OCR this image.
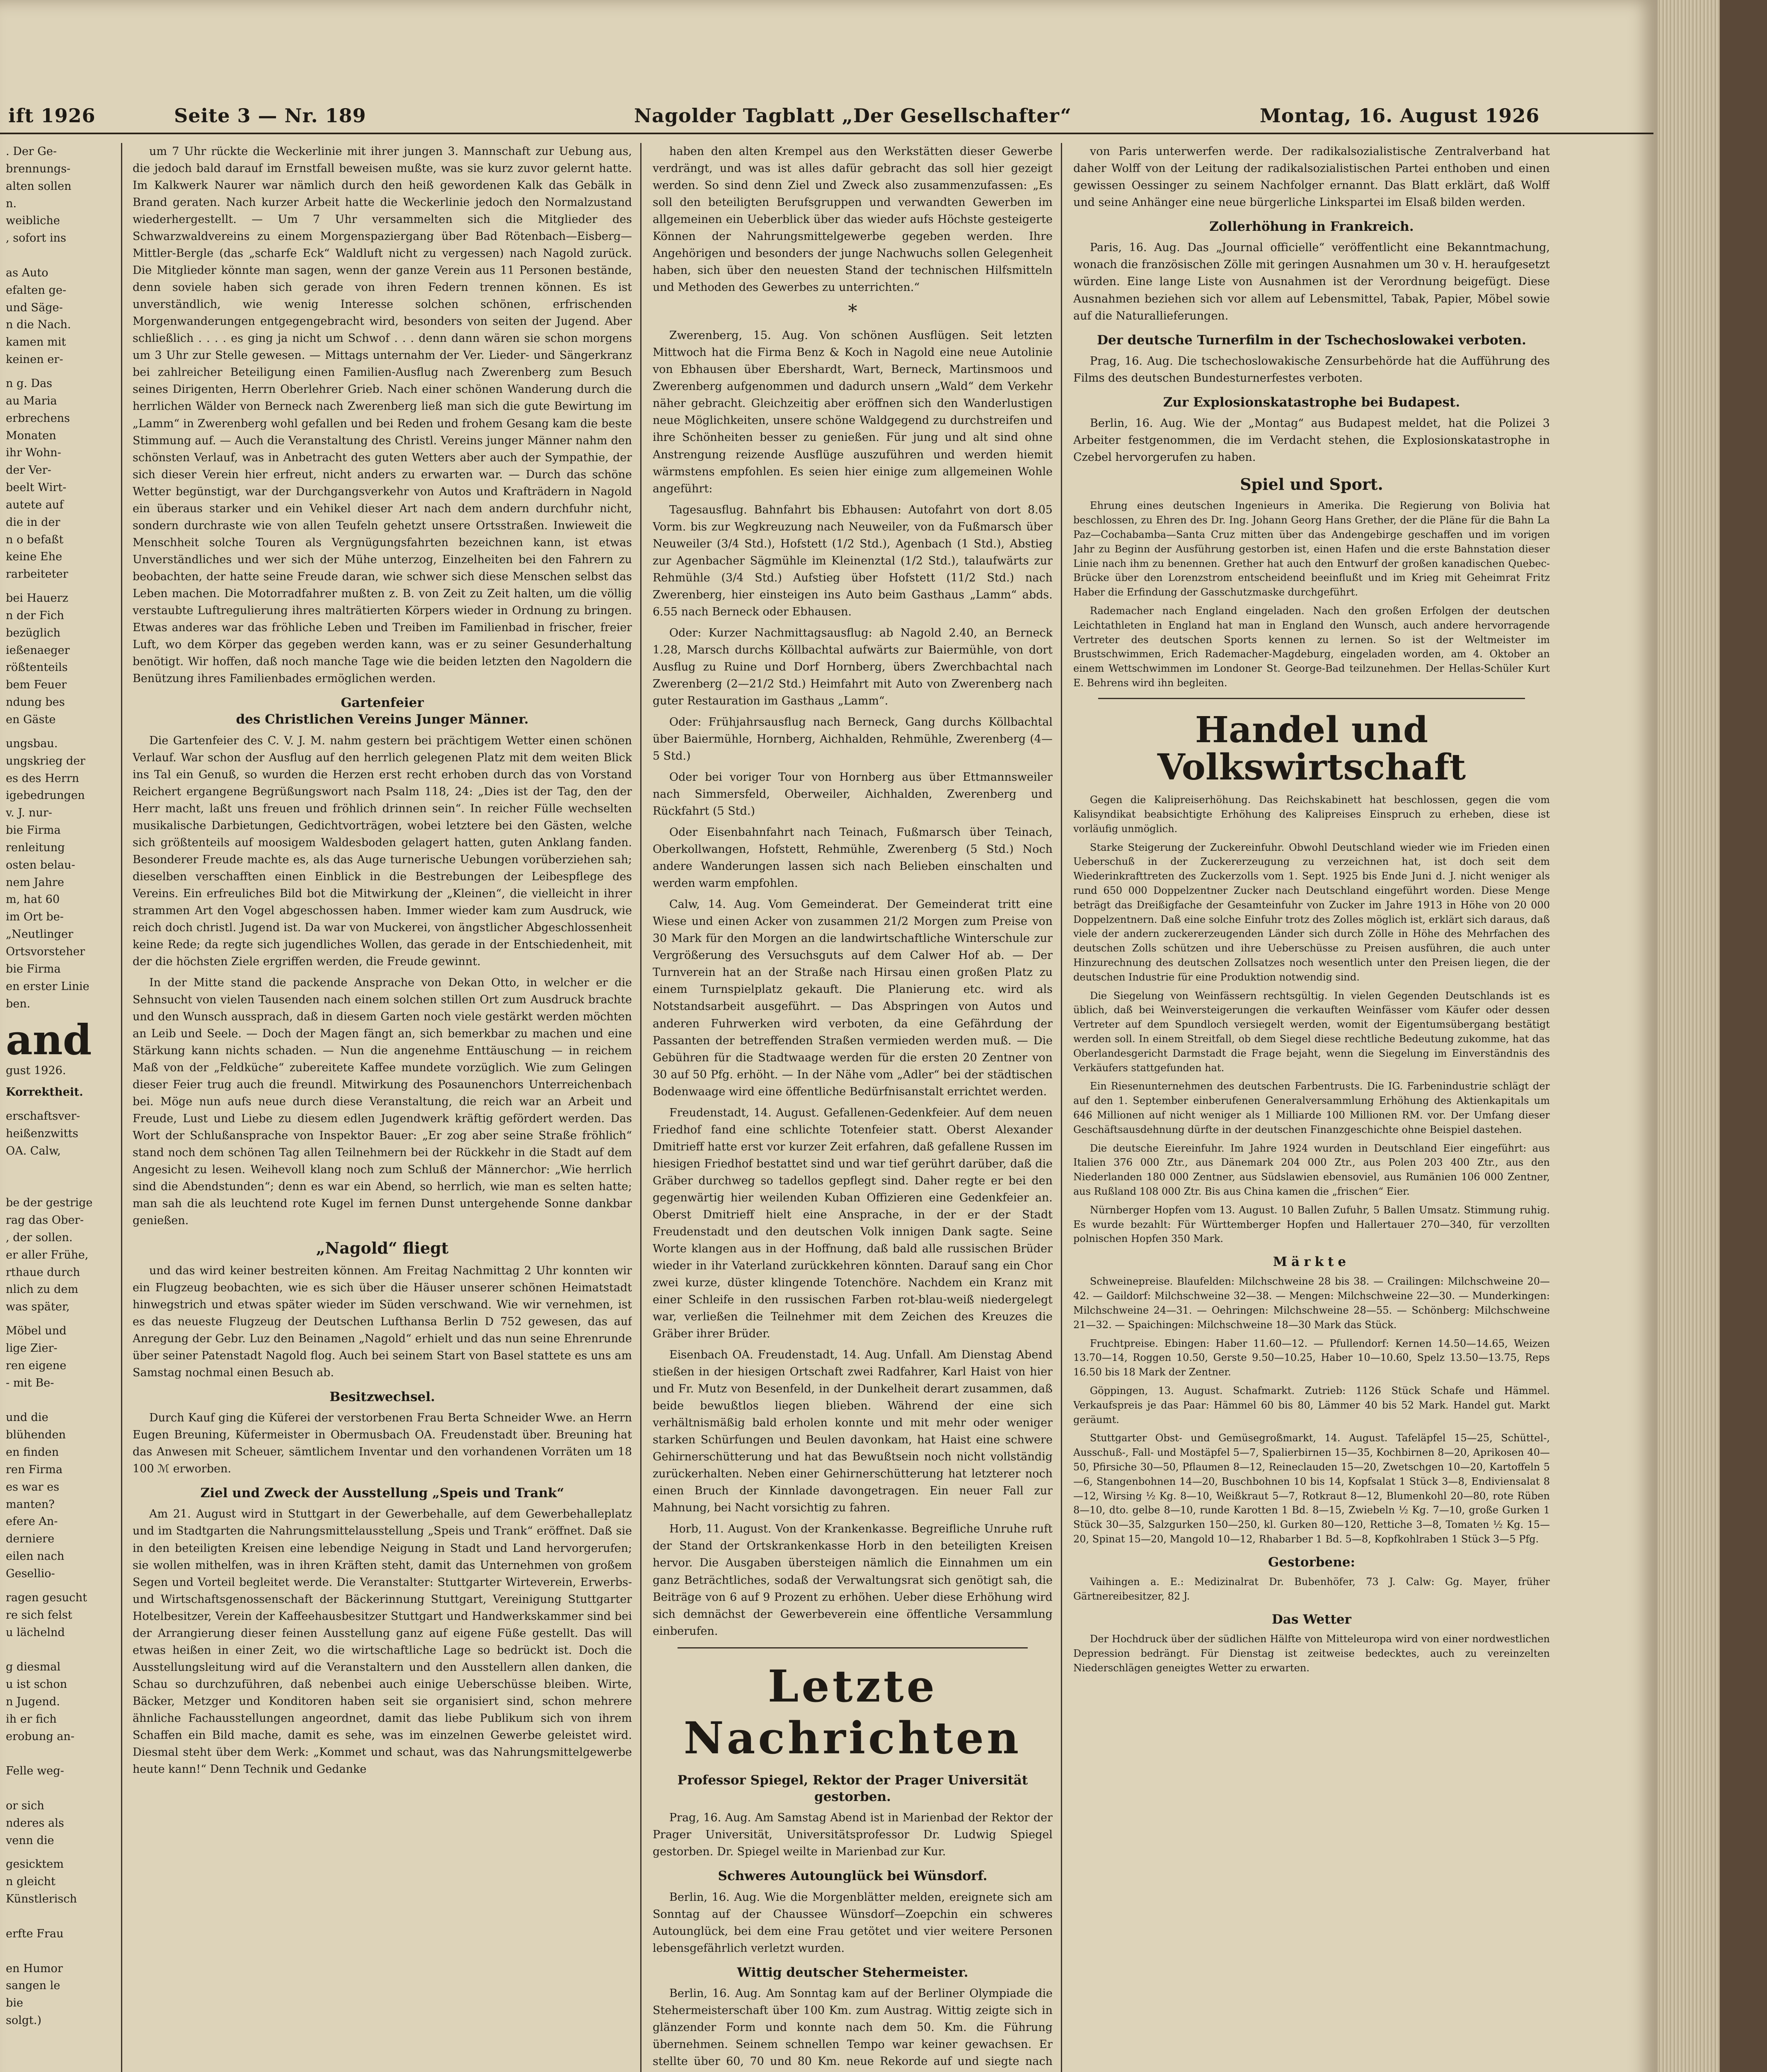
ift 1926	Seite 3 — Nr. 189	Nagolder Tagblatt „Der Gesellschafter“	Montag, 16. August 1926

. Der Ge-
brennungs-
alten sollen
n.
weibliche
, sofort ins

as Auto
efalten ge-
und Säge-
n die Nach.
kamen mit
keinen er-

n g. Das
au Maria
erbrechens
Monaten
ihr Wohn-
der Ver-
beelt Wirt-
autete auf
die in der
n o befaßt
keine Ehe
rarbeiteter

bei Hauerz
n der Fich
bezüglich
ießenaeger
rößtenteils
bem Feuer
ndung bes
en Gäste

ungsbau.
ungskrieg der
es des Herrn
igebedrungen
v. J. nur-
bie Firma
renleitung
osten belau-
nem Jahre
m, hat 60
im Ort be-
„Neutlinger
Ortsvorsteher
bie Firma
en erster Linie
ben.

and

gust 1926.

Korrektheit.

erschaftsver-
heißenzwitts
OA. Calw,

be der gestrige
rag das Ober-
, der sollen.
er aller Frühe,
rthaue durch
nlich zu dem
was später,

Möbel und
lige Zier-
ren eigene
- mit Be-

und die
blühenden
en finden
ren Firma
es war es
manten?
efere An-
derniere
eilen nach
Gesellio-

ragen gesucht
re sich felst
u lächelnd

g diesmal
u ist schon
n Jugend.
ih er fich
erobung an-

Felle weg-

or sich
nderes als
venn die

gesicktem
n gleicht
Künstlerisch

erfte Frau

en Humor
sangen le
bie
solgt.)

um 7 Uhr rückte die Weckerlinie mit ihrer jungen 3. Mannschaft zur Uebung aus, die jedoch bald darauf im Ernstfall beweisen mußte, was sie kurz zuvor gelernt hatte. Im Kalkwerk Naurer war nämlich durch den heiß gewordenen Kalk das Gebälk in Brand geraten. Nach kurzer Arbeit hatte die Weckerlinie jedoch den Normalzustand wiederhergestellt. — Um 7 Uhr versammelten sich die Mitglieder des Schwarzwaldvereins zu einem Morgenspaziergang über Bad Rötenbach—Eisberg—Mittler-Bergle (das „scharfe Eck“ Waldluft nicht zu vergessen) nach Nagold zurück. Die Mitglieder könnte man sagen, wenn der ganze Verein aus 11 Personen bestände, denn soviele haben sich gerade von ihren Federn trennen können. Es ist unverständlich, wie wenig Interesse solchen schönen, erfrischenden Morgenwanderungen entgegengebracht wird, besonders von seiten der Jugend. Aber schließlich . . . . es ging ja nicht um Schwof . . . denn dann wären sie schon morgens um 3 Uhr zur Stelle gewesen. — Mittags unternahm der Ver. Lieder- und Sängerkranz bei zahlreicher Beteiligung einen Familien-Ausflug nach Zwerenberg zum Besuch seines Dirigenten, Herrn Oberlehrer Grieb. Nach einer schönen Wanderung durch die herrlichen Wälder von Berneck nach Zwerenberg ließ man sich die gute Bewirtung im „Lamm“ in Zwerenberg wohl gefallen und bei Reden und frohem Gesang kam die beste Stimmung auf. — Auch die Veranstaltung des Christl. Vereins junger Männer nahm den schönsten Verlauf, was in Anbetracht des guten Wetters aber auch der Sympathie, der sich dieser Verein hier erfreut, nicht anders zu erwarten war. — Durch das schöne Wetter begünstigt, war der Durchgangsverkehr von Autos und Krafträdern in Nagold ein überaus starker und ein Vehikel dieser Art nach dem andern durchfuhr nicht, sondern durchraste wie von allen Teufeln gehetzt unsere Ortsstraßen. Inwieweit die Menschheit solche Touren als Vergnügungsfahrten bezeichnen kann, ist etwas Unverständliches und wer sich der Mühe unterzog, Einzelheiten bei den Fahrern zu beobachten, der hatte seine Freude daran, wie schwer sich diese Menschen selbst das Leben machen. Die Motorradfahrer mußten z. B. von Zeit zu Zeit halten, um die völlig verstaubte Luftregulierung ihres malträtierten Körpers wieder in Ordnung zu bringen. Etwas anderes war das fröhliche Leben und Treiben im Familienbad in frischer, freier Luft, wo dem Körper das gegeben werden kann, was er zu seiner Gesunderhaltung benötigt. Wir hoffen, daß noch manche Tage wie die beiden letzten den Nagoldern die Benützung ihres Familienbades ermöglichen werden.

Gartenfeier
des Christlichen Vereins Junger Männer.

Die Gartenfeier des C. V. J. M. nahm gestern bei prächtigem Wetter einen schönen Verlauf. War schon der Ausflug auf den herrlich gelegenen Platz mit dem weiten Blick ins Tal ein Genuß, so wurden die Herzen erst recht erhoben durch das von Vorstand Reichert ergangene Begrüßungswort nach Psalm 118, 24: „Dies ist der Tag, den der Herr macht, laßt uns freuen und fröhlich drinnen sein“. In reicher Fülle wechselten musikalische Darbietungen, Gedichtvorträgen, wobei letztere bei den Gästen, welche sich größtenteils auf moosigem Waldesboden gelagert hatten, guten Anklang fanden. Besonderer Freude machte es, als das Auge turnerische Uebungen vorüberziehen sah; dieselben verschafften einen Einblick in die Bestrebungen der Leibespflege des Vereins. Ein erfreuliches Bild bot die Mitwirkung der „Kleinen“, die vielleicht in ihrer strammen Art den Vogel abgeschossen haben. Immer wieder kam zum Ausdruck, wie reich doch christl. Jugend ist. Da war von Muckerei, von ängstlicher Abgeschlossenheit keine Rede; da regte sich jugendliches Wollen, das gerade in der Entschiedenheit, mit der die höchsten Ziele ergriffen werden, die Freude gewinnt.

In der Mitte stand die packende Ansprache von Dekan Otto, in welcher er die Sehnsucht von vielen Tausenden nach einem solchen stillen Ort zum Ausdruck brachte und den Wunsch aussprach, daß in diesem Garten noch viele gestärkt werden möchten an Leib und Seele. — Doch der Magen fängt an, sich bemerkbar zu machen und eine Stärkung kann nichts schaden. — Nun die angenehme Enttäuschung — in reichem Maß von der „Feldküche“ zubereitete Kaffee mundete vorzüglich. Wie zum Gelingen dieser Feier trug auch die freundl. Mitwirkung des Posaunenchors Unterreichenbach bei. Möge nun aufs neue durch diese Veranstaltung, die reich war an Arbeit und Freude, Lust und Liebe zu diesem edlen Jugendwerk kräftig gefördert werden. Das Wort der Schlußansprache von Inspektor Bauer: „Er zog aber seine Straße fröhlich“ stand noch dem schönen Tag allen Teilnehmern bei der Rückkehr in die Stadt auf dem Angesicht zu lesen. Weihevoll klang noch zum Schluß der Männerchor: „Wie herrlich sind die Abendstunden“; denn es war ein Abend, so herrlich, wie man es selten hatte; man sah die als leuchtend rote Kugel im fernen Dunst untergehende Sonne dankbar genießen.

„Nagold“ fliegt

und das wird keiner bestreiten können. Am Freitag Nachmittag 2 Uhr konnten wir ein Flugzeug beobachten, wie es sich über die Häuser unserer schönen Heimatstadt hinwegstrich und etwas später wieder im Süden verschwand. Wie wir vernehmen, ist es das neueste Flugzeug der Deutschen Lufthansa Berlin D 752 gewesen, das auf Anregung der Gebr. Luz den Beinamen „Nagold“ erhielt und das nun seine Ehrenrunde über seiner Patenstadt Nagold flog. Auch bei seinem Start von Basel stattete es uns am Samstag nochmal einen Besuch ab.

Besitzwechsel.

Durch Kauf ging die Küferei der verstorbenen Frau Berta Schneider Wwe. an Herrn Eugen Breuning, Küfermeister in Obermusbach OA. Freudenstadt über. Breuning hat das Anwesen mit Scheuer, sämtlichem Inventar und den vorhandenen Vorräten um 18 100 ℳ erworben.

Ziel und Zweck der Ausstellung „Speis und Trank“

Am 21. August wird in Stuttgart in der Gewerbehalle, auf dem Gewerbehalleplatz und im Stadtgarten die Nahrungsmittelausstellung „Speis und Trank“ eröffnet. Daß sie in den beteiligten Kreisen eine lebendige Neigung in Stadt und Land hervorgerufen; sie wollen mithelfen, was in ihren Kräften steht, damit das Unternehmen von großem Segen und Vorteil begleitet werde. Die Veranstalter: Stuttgarter Wirteverein, Erwerbs- und Wirtschaftsgenossenschaft der Bäckerinnung Stuttgart, Vereinigung Stuttgarter Hotelbesitzer, Verein der Kaffeehausbesitzer Stuttgart und Handwerkskammer sind bei der Arrangierung dieser feinen Ausstellung ganz auf eigene Füße gestellt. Das will etwas heißen in einer Zeit, wo die wirtschaftliche Lage so bedrückt ist. Doch die Ausstellungsleitung wird auf die Veranstaltern und den Ausstellern allen danken, die Schau so durchzuführen, daß nebenbei auch einige Ueberschüsse bleiben. Wirte, Bäcker, Metzger und Konditoren haben seit sie organisiert sind, schon mehrere ähnliche Fachausstellungen angeordnet, damit das liebe Publikum sich von ihrem Schaffen ein Bild mache, damit es sehe, was im einzelnen Gewerbe geleistet wird. Diesmal steht über dem Werk: „Kommet und schaut, was das Nahrungsmittelgewerbe heute kann!“ Denn Technik und Gedanke

haben den alten Krempel aus den Werkstätten dieser Gewerbe verdrängt, und was ist alles dafür gebracht das soll hier gezeigt werden. So sind denn Ziel und Zweck also zusammenzufassen: „Es soll den beteiligten Berufsgruppen und verwandten Gewerben im allgemeinen ein Ueberblick über das wieder aufs Höchste gesteigerte Können der Nahrungsmittelgewerbe gegeben werden. Ihre Angehörigen und besonders der junge Nachwuchs sollen Gelegenheit haben, sich über den neuesten Stand der technischen Hilfsmitteln und Methoden des Gewerbes zu unterrichten.“

*

Zwerenberg, 15. Aug. Von schönen Ausflügen. Seit letzten Mittwoch hat die Firma Benz & Koch in Nagold eine neue Autolinie von Ebhausen über Ebershardt, Wart, Berneck, Martinsmoos und Zwerenberg aufgenommen und dadurch unsern „Wald“ dem Verkehr näher gebracht. Gleichzeitig aber eröffnen sich den Wanderlustigen neue Möglichkeiten, unsere schöne Waldgegend zu durchstreifen und ihre Schönheiten besser zu genießen. Für jung und alt sind ohne Anstrengung reizende Ausflüge auszuführen und werden hiemit wärmstens empfohlen. Es seien hier einige zum allgemeinen Wohle angeführt:

Tagesausflug. Bahnfahrt bis Ebhausen: Autofahrt von dort 8.05 Vorm. bis zur Wegkreuzung nach Neuweiler, von da Fußmarsch über Neuweiler (3/4 Std.), Hofstett (1/2 Std.), Agenbach (1 Std.), Abstieg zur Agenbacher Sägmühle im Kleinenztal (1/2 Std.), talaufwärts zur Rehmühle (3/4 Std.) Aufstieg über Hofstett (11/2 Std.) nach Zwerenberg, hier einsteigen ins Auto beim Gasthaus „Lamm“ abds. 6.55 nach Berneck oder Ebhausen.

Oder: Kurzer Nachmittagsausflug: ab Nagold 2.40, an Berneck 1.28, Marsch durchs Köllbachtal aufwärts zur Baiermühle, von dort Ausflug zu Ruine und Dorf Hornberg, übers Zwerchbachtal nach Zwerenberg (2—21/2 Std.) Heimfahrt mit Auto von Zwerenberg nach guter Restauration im Gasthaus „Lamm“.

Oder: Frühjahrsausflug nach Berneck, Gang durchs Köllbachtal über Baiermühle, Hornberg, Aichhalden, Rehmühle, Zwerenberg (4—5 Std.)

Oder bei voriger Tour von Hornberg aus über Ettmannsweiler nach Simmersfeld, Oberweiler, Aichhalden, Zwerenberg und Rückfahrt (5 Std.)

Oder Eisenbahnfahrt nach Teinach, Fußmarsch über Teinach, Oberkollwangen, Hofstett, Rehmühle, Zwerenberg (5 Std.) Noch andere Wanderungen lassen sich nach Belieben einschalten und werden warm empfohlen.

Calw, 14. Aug. Vom Gemeinderat. Der Gemeinderat tritt eine Wiese und einen Acker von zusammen 21/2 Morgen zum Preise von 30 Mark für den Morgen an die landwirtschaftliche Winterschule zur Vergrößerung des Versuchsguts auf dem Calwer Hof ab. — Der Turnverein hat an der Straße nach Hirsau einen großen Platz zu einem Turnspielplatz gekauft. Die Planierung etc. wird als Notstandsarbeit ausgeführt. — Das Abspringen von Autos und anderen Fuhrwerken wird verboten, da eine Gefährdung der Passanten der betreffenden Straßen vermieden werden muß. — Die Gebühren für die Stadtwaage werden für die ersten 20 Zentner von 30 auf 50 Pfg. erhöht. — In der Nähe vom „Adler“ bei der städtischen Bodenwaage wird eine öffentliche Bedürfnisanstalt errichtet werden.

Freudenstadt, 14. August. Gefallenen-Gedenkfeier. Auf dem neuen Friedhof fand eine schlichte Totenfeier statt. Oberst Alexander Dmitrieff hatte erst vor kurzer Zeit erfahren, daß gefallene Russen im hiesigen Friedhof bestattet sind und war tief gerührt darüber, daß die Gräber durchweg so tadellos gepflegt sind. Daher regte er bei den gegenwärtig hier weilenden Kuban Offizieren eine Gedenkfeier an. Oberst Dmitrieff hielt eine Ansprache, in der er der Stadt Freudenstadt und den deutschen Volk innigen Dank sagte. Seine Worte klangen aus in der Hoffnung, daß bald alle russischen Brüder wieder in ihr Vaterland zurückkehren könnten. Darauf sang ein Chor zwei kurze, düster klingende Totenchöre. Nachdem ein Kranz mit einer Schleife in den russischen Farben rot-blau-weiß niedergelegt war, verließen die Teilnehmer mit dem Zeichen des Kreuzes die Gräber ihrer Brüder.

Eisenbach OA. Freudenstadt, 14. Aug. Unfall. Am Dienstag Abend stießen in der hiesigen Ortschaft zwei Radfahrer, Karl Haist von hier und Fr. Mutz von Besenfeld, in der Dunkelheit derart zusammen, daß beide bewußtlos liegen blieben. Während der eine sich verhältnismäßig bald erholen konnte und mit mehr oder weniger starken Schürfungen und Beulen davonkam, hat Haist eine schwere Gehirnerschütterung und hat das Bewußtsein noch nicht vollständig zurückerhalten. Neben einer Gehirnerschütterung hat letzterer noch einen Bruch der Kinnlade davongetragen. Ein neuer Fall zur Mahnung, bei Nacht vorsichtig zu fahren.

Horb, 11. August. Von der Krankenkasse. Begreifliche Unruhe ruft der Stand der Ortskrankenkasse Horb in den beteiligten Kreisen hervor. Die Ausgaben übersteigen nämlich die Einnahmen um ein ganz Beträchtliches, sodaß der Verwaltungsrat sich genötigt sah, die Beiträge von 6 auf 9 Prozent zu erhöhen. Ueber diese Erhöhung wird sich demnächst der Gewerbeverein eine öffentliche Versammlung einberufen.

Letzte Nachrichten
Professor Spiegel, Rektor der Prager Universität gestorben.

Prag, 16. Aug. Am Samstag Abend ist in Marienbad der Rektor der Prager Universität, Universitätsprofessor Dr. Ludwig Spiegel gestorben. Dr. Spiegel weilte in Marienbad zur Kur.

Schweres Autounglück bei Wünsdorf.

Berlin, 16. Aug. Wie die Morgenblätter melden, ereignete sich am Sonntag auf der Chaussee Wünsdorf—Zoepchin ein schweres Autounglück, bei dem eine Frau getötet und vier weitere Personen lebensgefährlich verletzt wurden.

Wittig deutscher Stehermeister.

Berlin, 16. Aug. Am Sonntag kam auf der Berliner Olympiade die Stehermeisterschaft über 100 Km. zum Austrag. Wittig zeigte sich in glänzender Form und konnte nach dem 50. Km. die Führung übernehmen. Seinem schnellen Tempo war keiner gewachsen. Er stellte über 60, 70 und 80 Km. neue Rekorde auf und siegte nach

von Paris unterwerfen werde. Der radikalsozialistische Zentralverband hat daher Wolff von der Leitung der radikalsozialistischen Partei enthoben und einen gewissen Oessinger zu seinem Nachfolger ernannt. Das Blatt erklärt, daß Wolff und seine Anhänger eine neue bürgerliche Linkspartei im Elsaß bilden werden.

Zollerhöhung in Frankreich.

Paris, 16. Aug. Das „Journal officielle“ veröffentlicht eine Bekanntmachung, wonach die französischen Zölle mit geringen Ausnahmen um 30 v. H. heraufgesetzt würden. Eine lange Liste von Ausnahmen ist der Verordnung beigefügt. Diese Ausnahmen beziehen sich vor allem auf Lebensmittel, Tabak, Papier, Möbel sowie auf die Naturallieferungen.

Der deutsche Turnerfilm in der Tschechoslowakei verboten.

Prag, 16. Aug. Die tschechoslowakische Zensurbehörde hat die Aufführung des Films des deutschen Bundesturnerfestes verboten.

Zur Explosionskatastrophe bei Budapest.

Berlin, 16. Aug. Wie der „Montag“ aus Budapest meldet, hat die Polizei 3 Arbeiter festgenommen, die im Verdacht stehen, die Explosionskatastrophe in Czebel hervorgerufen zu haben.

Spiel und Sport.

Ehrung eines deutschen Ingenieurs in Amerika. Die Regierung von Bolivia hat beschlossen, zu Ehren des Dr. Ing. Johann Georg Hans Grether, der die Pläne für die Bahn La Paz—Cochabamba—Santa Cruz mitten über das Andengebirge geschaffen und im vorigen Jahr zu Beginn der Ausführung gestorben ist, einen Hafen und die erste Bahnstation dieser Linie nach ihm zu benennen. Grether hat auch den Entwurf der großen kanadischen Quebec-Brücke über den Lorenzstrom entscheidend beeinflußt und im Krieg mit Geheimrat Fritz Haber die Erfindung der Gasschutzmaske durchgeführt.

Rademacher nach England eingeladen. Nach den großen Erfolgen der deutschen Leichtathleten in England hat man in England den Wunsch, auch andere hervorragende Vertreter des deutschen Sports kennen zu lernen. So ist der Weltmeister im Brustschwimmen, Erich Rademacher-Magdeburg, eingeladen worden, am 4. Oktober an einem Wettschwimmen im Londoner St. George-Bad teilzunehmen. Der Hellas-Schüler Kurt E. Behrens wird ihn begleiten.

Handel und Volkswirtschaft

Gegen die Kalipreiserhöhung. Das Reichskabinett hat beschlossen, gegen die vom Kalisyndikat beabsichtigte Erhöhung des Kalipreises Einspruch zu erheben, diese ist vorläufig unmöglich.

Starke Steigerung der Zuckereinfuhr. Obwohl Deutschland wieder wie im Frieden einen Ueberschuß in der Zuckererzeugung zu verzeichnen hat, ist doch seit dem Wiederinkrafttreten des Zuckerzolls vom 1. Sept. 1925 bis Ende Juni d. J. nicht weniger als rund 650 000 Doppelzentner Zucker nach Deutschland eingeführt worden. Diese Menge beträgt das Dreißigfache der Gesamteinfuhr von Zucker im Jahre 1913 in Höhe von 20 000 Doppelzentnern. Daß eine solche Einfuhr trotz des Zolles möglich ist, erklärt sich daraus, daß viele der andern zuckererzeugenden Länder sich durch Zölle in Höhe des Mehrfachen des deutschen Zolls schützen und ihre Ueberschüsse zu Preisen ausführen, die auch unter Hinzurechnung des deutschen Zollsatzes noch wesentlich unter den Preisen liegen, die der deutschen Industrie für eine Produktion notwendig sind.

Die Siegelung von Weinfässern rechtsgültig. In vielen Gegenden Deutschlands ist es üblich, daß bei Weinversteigerungen die verkauften Weinfässer vom Käufer oder dessen Vertreter auf dem Spundloch versiegelt werden, womit der Eigentumsübergang bestätigt werden soll. In einem Streitfall, ob dem Siegel diese rechtliche Bedeutung zukomme, hat das Oberlandesgericht Darmstadt die Frage bejaht, wenn die Siegelung im Einverständnis des Verkäufers stattgefunden hat.

Ein Riesenunternehmen des deutschen Farbentrusts. Die IG. Farbenindustrie schlägt der auf den 1. September einberufenen Generalversammlung Erhöhung des Aktienkapitals um 646 Millionen auf nicht weniger als 1 Milliarde 100 Millionen RM. vor. Der Umfang dieser Geschäftsausdehnung dürfte in der deutschen Finanzgeschichte ohne Beispiel dastehen.

Die deutsche Eiereinfuhr. Im Jahre 1924 wurden in Deutschland Eier eingeführt: aus Italien 376 000 Ztr., aus Dänemark 204 000 Ztr., aus Polen 203 400 Ztr., aus den Niederlanden 180 000 Zentner, aus Südslawien ebensoviel, aus Rumänien 106 000 Zentner, aus Rußland 108 000 Ztr. Bis aus China kamen die „frischen“ Eier.

Nürnberger Hopfen vom 13. August. 10 Ballen Zufuhr, 5 Ballen Umsatz. Stimmung ruhig. Es wurde bezahlt: Für Württemberger Hopfen und Hallertauer 270—340, für verzollten polnischen Hopfen 350 Mark.

Märkte

Schweinepreise. Blaufelden: Milchschweine 28 bis 38. — Crailingen: Milchschweine 20—42. — Gaildorf: Milchschweine 32—38. — Mengen: Milchschweine 22—30. — Munderkingen: Milchschweine 24—31. — Oehringen: Milchschweine 28—55. — Schönberg: Milchschweine 21—32. — Spaichingen: Milchschweine 18—30 Mark das Stück.

Fruchtpreise. Ebingen: Haber 11.60—12. — Pfullendorf: Kernen 14.50—14.65, Weizen 13.70—14, Roggen 10.50, Gerste 9.50—10.25, Haber 10—10.60, Spelz 13.50—13.75, Reps 16.50 bis 18 Mark der Zentner.

Göppingen, 13. August. Schafmarkt. Zutrieb: 1126 Stück Schafe und Hämmel. Verkaufspreis je das Paar: Hämmel 60 bis 80, Lämmer 40 bis 52 Mark. Handel gut. Markt geräumt.

Stuttgarter Obst- und Gemüsegroßmarkt, 14. August. Tafeläpfel 15—25, Schüttel-, Ausschuß-, Fall- und Mostäpfel 5—7, Spalierbirnen 15—35, Kochbirnen 8—20, Aprikosen 40—50, Pfirsiche 30—50, Pflaumen 8—12, Reineclauden 15—20, Zwetschgen 10—20, Kartoffeln 5—6, Stangenbohnen 14—20, Buschbohnen 10 bis 14, Kopfsalat 1 Stück 3—8, Endiviensalat 8—12, Wirsing ½ Kg. 8—10, Weißkraut 5—7, Rotkraut 8—12, Blumenkohl 20—80, rote Rüben 8—10, dto. gelbe 8—10, runde Karotten 1 Bd. 8—15, Zwiebeln ½ Kg. 7—10, große Gurken 1 Stück 30—35, Salzgurken 150—250, kl. Gurken 80—120, Rettiche 3—8, Tomaten ½ Kg. 15—20, Spinat 15—20, Mangold 10—12, Rhabarber 1 Bd. 5—8, Kopfkohlraben 1 Stück 3—5 Pfg.

Gestorbene:

Vaihingen a. E.: Medizinalrat Dr. Bubenhöfer, 73 J. Calw: Gg. Mayer, früher Gärtnereibesitzer, 82 J.

Das Wetter

Der Hochdruck über der südlichen Hälfte von Mitteleuropa wird von einer nordwestlichen Depression bedrängt. Für Dienstag ist zeitweise bedecktes, auch zu vereinzelten Niederschlägen geneigtes Wetter zu erwarten.
